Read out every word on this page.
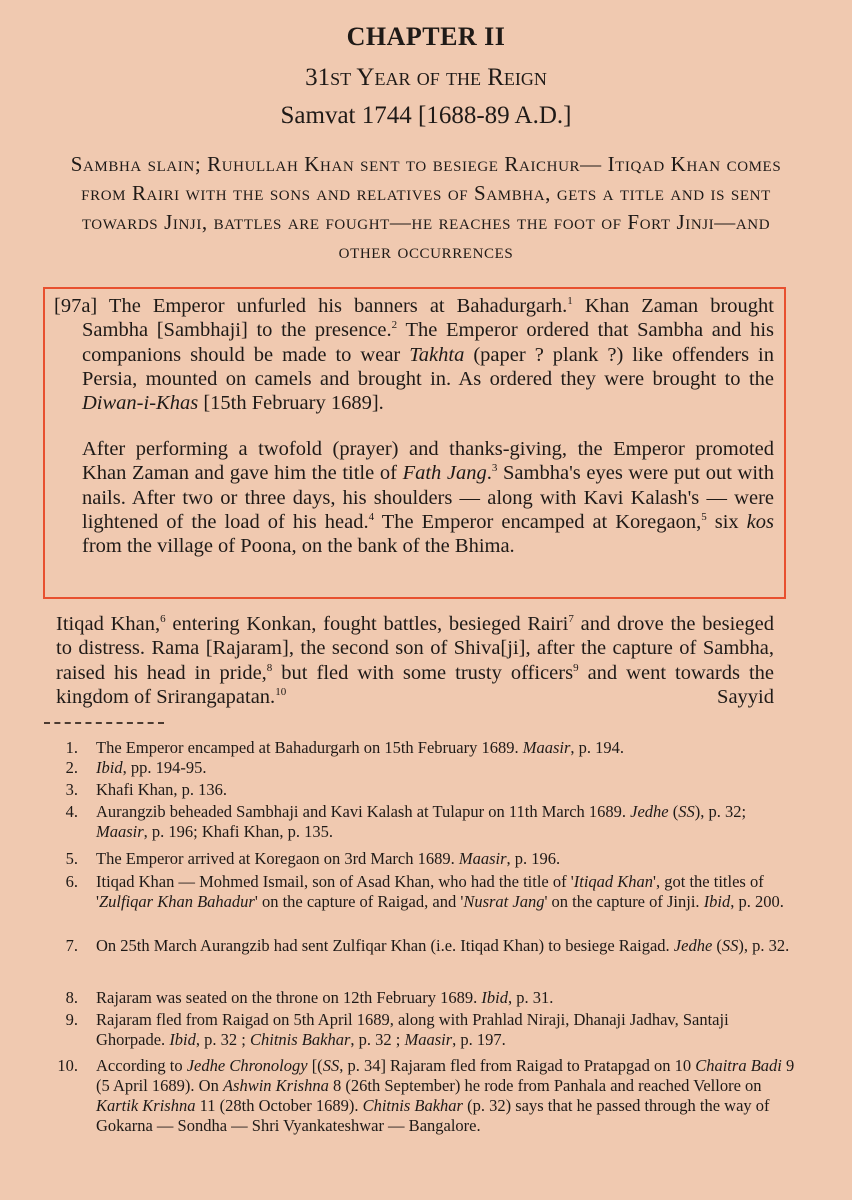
CHAPTER II
31st Year of the Reign
Samvat 1744 [1688-89 A.D.]

Sambha slain; Ruhullah Khan sent to besiege Raichur— Itiqad Khan comes from Rairi with the sons and relatives of Sambha, gets a title and is sent towards Jinji, battles are fought—he reaches the foot of Fort Jinji—and other occurrences

[97a] The Emperor unfurled his banners at Bahadurgarh.$^1$ Khan Zaman brought Sambha [Sambhaji] to the presence.$^2$ The Emperor ordered that Sambha and his companions should be made to wear Takhta (paper ? plank ?) like offenders in Persia, mounted on camels and brought in. As ordered they were brought to the Diwan-i-Khas [15th February 1689].

After performing a twofold (prayer) and thanks-giving, the Emperor promoted Khan Zaman and gave him the title of Fath Jang.$^3$ Sambha's eyes were put out with nails. After two or three days, his shoulders — along with Kavi Kalash's — were lightened of the load of his head.$^4$ The Emperor encamped at Koregaon,$^5$ six kos from the village of Poona, on the bank of the Bhima.

Itiqad Khan,$^6$ entering Konkan, fought battles, besieged Rairi$^7$ and drove the besieged to distress. Rama [Rajaram], the second son of Shiva[ji], after the capture of Sambha, raised his head in pride,$^8$ but fled with some trusty officers$^9$ and went towards the kingdom of Srirangapatan.$^{10}$	Sayyid

1. The Emperor encamped at Bahadurgarh on 15th February 1689. Maasir, p. 194.

2. Ibid, pp. 194-95.

3. Khafi Khan, p. 136.

4. Aurangzib beheaded Sambhaji and Kavi Kalash at Tulapur on 11th March 1689. Jedhe (SS), p. 32; Maasir, p. 196; Khafi Khan, p. 135.

5. The Emperor arrived at Koregaon on 3rd March 1689. Maasir, p. 196.

6. Itiqad Khan — Mohmed Ismail, son of Asad Khan, who had the title of 'Itiqad Khan', got the titles of 'Zulfiqar Khan Bahadur' on the capture of Raigad, and 'Nusrat Jang' on the capture of Jinji. Ibid, p. 200.

7. On 25th March Aurangzib had sent Zulfiqar Khan (i.e. Itiqad Khan) to besiege Raigad. Jedhe (SS), p. 32.

8. Rajaram was seated on the throne on 12th February 1689. Ibid, p. 31.

9. Rajaram fled from Raigad on 5th April 1689, along with Prahlad Niraji, Dhanaji Jadhav, Santaji Ghorpade. Ibid, p. 32 ; Chitnis Bakhar, p. 32 ; Maasir, p. 197.

10. According to Jedhe Chronology [(SS, p. 34] Rajaram fled from Raigad to Pratapgad on 10 Chaitra Badi 9 (5 April 1689). On Ashwin Krishna 8 (26th September) he rode from Panhala and reached Vellore on Kartik Krishna 11 (28th October 1689). Chitnis Bakhar (p. 32) says that he passed through the way of Gokarna — Sondha — Shri Vyankateshwar — Bangalore.
